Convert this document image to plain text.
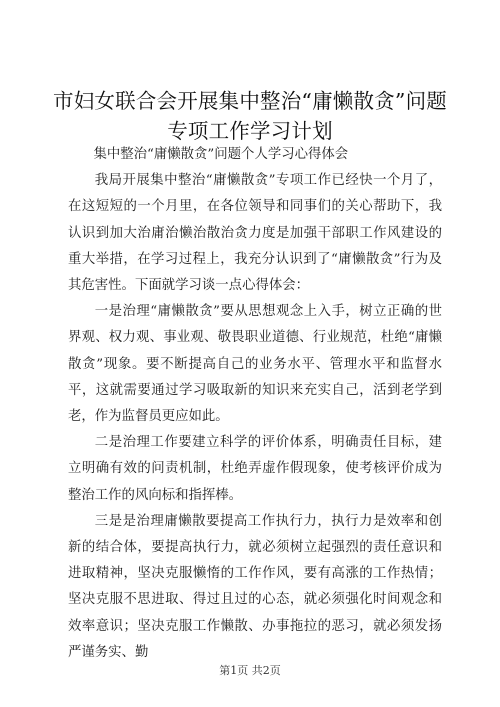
市妇女联合会开展集中整治“庸懒散贪”问题
专项工作学习计划

集中整治“庸懒散贪”问题个人学习心得体会

我局开展集中整治“庸懒散贪”专项工作已经快一个月了，在这短短的一个月里，在各位领导和同事们的关心帮助下，我认识到加大治庸治懒治散治贪力度是加强干部职工作风建设的重大举措，在学习过程上，我充分认识到了“庸懒散贪”行为及其危害性。下面就学习谈一点心得体会：

一是治理“庸懒散贪”要从思想观念上入手，树立正确的世界观、权力观、事业观、敬畏职业道德、行业规范，杜绝“庸懒散贪”现象。要不断提高自己的业务水平、管理水平和监督水平，这就需要通过学习吸取新的知识来充实自己，活到老学到老，作为监督员更应如此。

二是治理工作要建立科学的评价体系，明确责任目标，建立明确有效的问责机制，杜绝弄虚作假现象，使考核评价成为整治工作的风向标和指挥棒。

三是是治理庸懒散要提高工作执行力，执行力是效率和创新的结合体，要提高执行力，就必须树立起强烈的责任意识和进取精神，坚决克服懒惰的工作作风，要有高涨的工作热情；坚决克服不思进取、得过且过的心态，就必须强化时间观念和效率意识；坚决克服工作懒散、办事拖拉的恶习，就必须发扬严谨务实、勤

第1页 共2页
